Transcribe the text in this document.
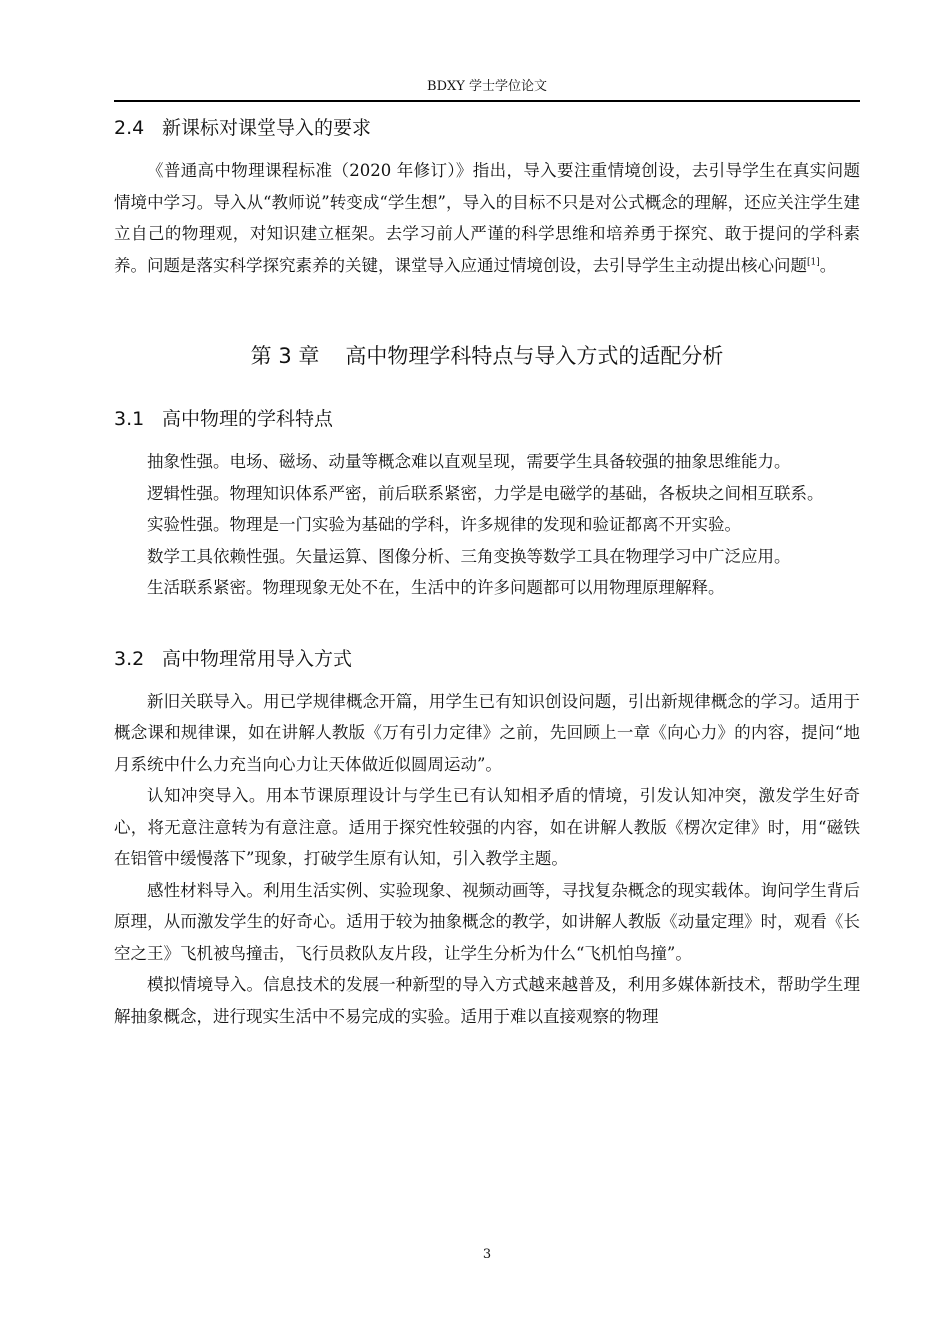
BDXY 学士学位论文
2.4 新课标对课堂导入的要求

《普通高中物理课程标准（2020 年修订）》指出，导入要注重情境创设，去引导学生在真实问题情境中学习。导入从“教师说”转变成“学生想”，导入的目标不只是对公式概念的理解，还应关注学生建立自己的物理观，对知识建立框架。去学习前人严谨的科学思维和培养勇于探究、敢于提问的学科素养。问题是落实科学探究素养的关键，课堂导入应通过情境创设，去引导学生主动提出核心问题[1]。

第 3 章 高中物理学科特点与导入方式的适配分析
3.1 高中物理的学科特点

抽象性强。电场、磁场、动量等概念难以直观呈现，需要学生具备较强的抽象思维能力。

逻辑性强。物理知识体系严密，前后联系紧密，力学是电磁学的基础，各板块之间相互联系。

实验性强。物理是一门实验为基础的学科，许多规律的发现和验证都离不开实验。

数学工具依赖性强。矢量运算、图像分析、三角变换等数学工具在物理学习中广泛应用。

生活联系紧密。物理现象无处不在，生活中的许多问题都可以用物理原理解释。

3.2 高中物理常用导入方式

新旧关联导入。用已学规律概念开篇，用学生已有知识创设问题，引出新规律概念的学习。适用于概念课和规律课，如在讲解人教版《万有引力定律》之前，先回顾上一章《向心力》的内容，提问“地月系统中什么力充当向心力让天体做近似圆周运动”。

认知冲突导入。用本节课原理设计与学生已有认知相矛盾的情境，引发认知冲突，激发学生好奇心，将无意注意转为有意注意。适用于探究性较强的内容，如在讲解人教版《楞次定律》时，用“磁铁在铝管中缓慢落下”现象，打破学生原有认知，引入教学主题。

感性材料导入。利用生活实例、实验现象、视频动画等，寻找复杂概念的现实载体。询问学生背后原理，从而激发学生的好奇心。适用于较为抽象概念的教学，如讲解人教版《动量定理》时，观看《长空之王》飞机被鸟撞击，飞行员救队友片段，让学生分析为什么“飞机怕鸟撞”。

模拟情境导入。信息技术的发展一种新型的导入方式越来越普及，利用多媒体新技术，帮助学生理解抽象概念，进行现实生活中不易完成的实验。适用于难以直接观察的物理

3
